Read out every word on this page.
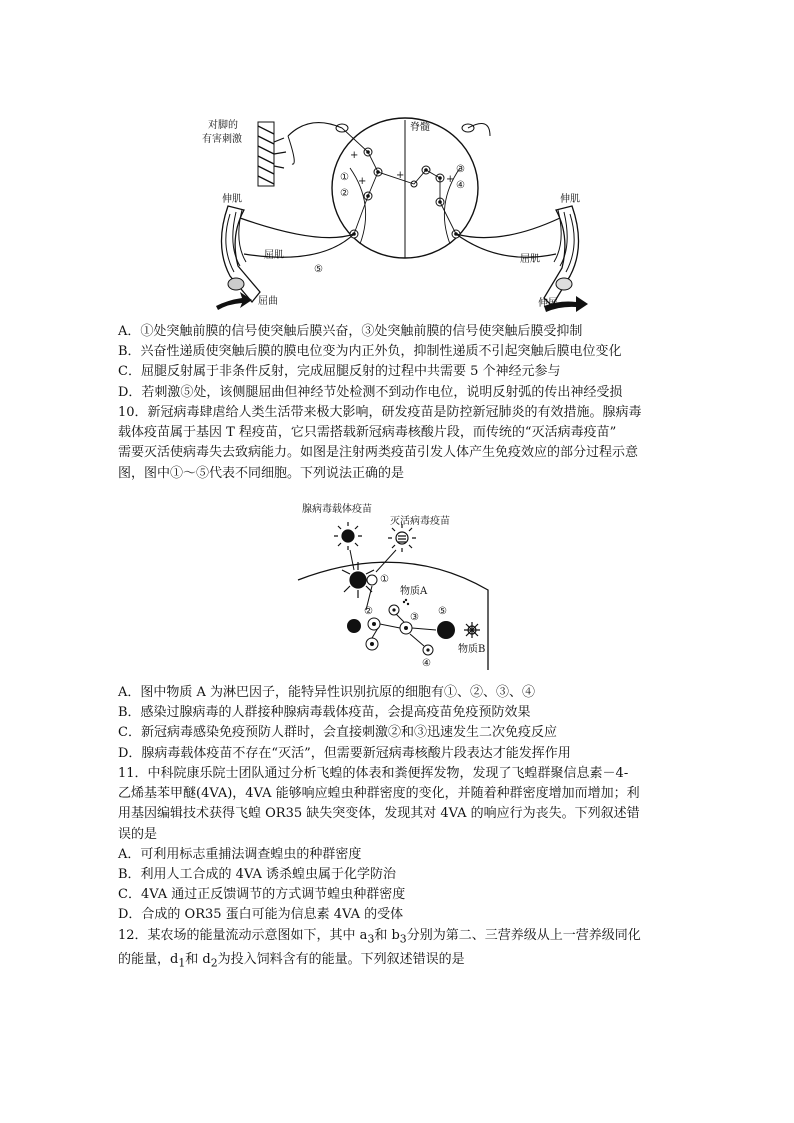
+
+	+
+
对脚的
有害刺激
脊髓
伸肌
屈肌
屈曲
伸肌
屈肌
伸展
①
②
③
④
⑤
A．①处突触前膜的信号使突触后膜兴奋，③处突触前膜的信号使突触后膜受抑制
B．兴奋性递质使突触后膜的膜电位变为内正外负，抑制性递质不引起突触后膜电位变化
C．屈腿反射属于非条件反射，完成屈腿反射的过程中共需要 5 个神经元参与
D．若刺激⑤处，该侧腿屈曲但神经节处检测不到动作电位，说明反射弧的传出神经受损
10．新冠病毒肆虐给人类生活带来极大影响，研发疫苗是防控新冠肺炎的有效措施。腺病毒
载体疫苗属于基因 T 程疫苗，它只需搭载新冠病毒核酸片段，而传统的“灭活病毒疫苗”
需要灭活使病毒失去致病能力。如图是注射两类疫苗引发人体产生免疫效应的部分过程示意
图，图中①～⑤代表不同细胞。下列说法正确的是
腺病毒载体疫苗
灭活病毒疫苗
①
物质A
②
③
⑤
④
物质B
A．图中物质 A 为淋巴因子，能特异性识别抗原的细胞有①、②、③、④
B．感染过腺病毒的人群接种腺病毒载体疫苗，会提高疫苗免疫预防效果
C．新冠病毒感染免疫预防人群时，会直接刺激②和③迅速发生二次免疫反应
D．腺病毒载体疫苗不存在“灭活”，但需要新冠病毒核酸片段表达才能发挥作用
11．中科院康乐院士团队通过分析飞蝗的体表和粪便挥发物，发现了飞蝗群聚信息素－4-
乙烯基苯甲醚(4VA)，4VA 能够响应蝗虫种群密度的变化，并随着种群密度增加而增加；利
用基因编辑技术获得飞蝗 OR35 缺失突变体，发现其对 4VA 的响应行为丧失。下列叙述错
误的是
A．可利用标志重捕法调查蝗虫的种群密度
B．利用人工合成的 4VA 诱杀蝗虫属于化学防治
C．4VA 通过正反馈调节的方式调节蝗虫种群密度
D．合成的 OR35 蛋白可能为信息素 4VA 的受体
12．某农场的能量流动示意图如下，其中 $a_3$和 $b_3$分别为第二、三营养级从上一营养级同化
的能量，$d_1$和 $d_2$为投入饲料含有的能量。下列叙述错误的是
